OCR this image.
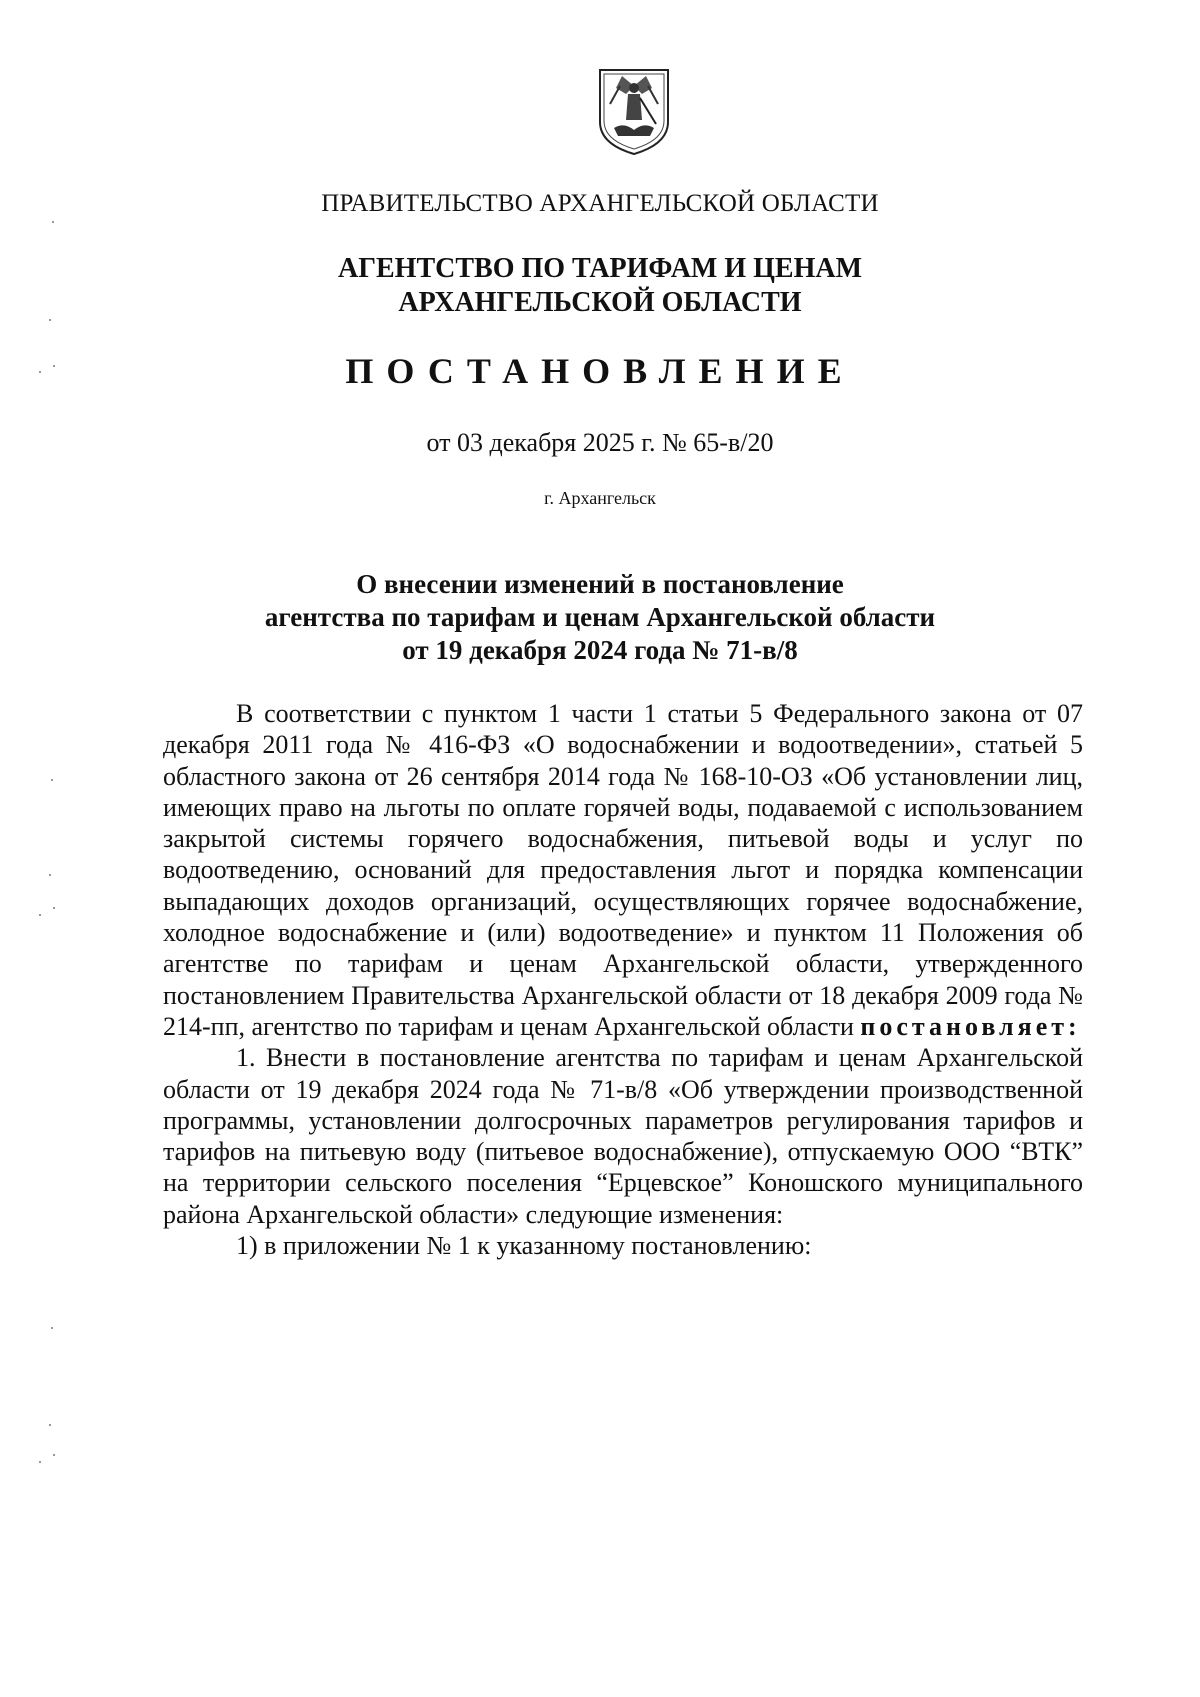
ПРАВИТЕЛЬСТВО АРХАНГЕЛЬСКОЙ ОБЛАСТИ
АГЕНТСТВО ПО ТАРИФАМ И ЦЕНАМ
АРХАНГЕЛЬСКОЙ ОБЛАСТИ
ПОСТАНОВЛЕНИЕ
от 03 декабря 2025 г. № 65-в/20
г. Архангельск
О внесении изменений в постановление
агентства по тарифам и ценам Архангельской области
от 19 декабря 2024 года № 71-в/8

В соответствии с пунктом 1 части 1 статьи 5 Федерального закона от 07 декабря 2011 года № 416-ФЗ «О водоснабжении и водоотведении», статьей 5 областного закона от 26 сентября 2014 года № 168-10-ОЗ «Об установлении лиц, имеющих право на льготы по оплате горячей воды, подаваемой с использованием закрытой системы горячего водоснабжения, питьевой воды и услуг по водоотведению, оснований для предоставления льгот и порядка компенсации выпадающих доходов организаций, осуществляющих горячее водоснабжение, холодное водоснабжение и (или) водоотведение» и пунктом 11 Положения об агентстве по тарифам и ценам Архангельской области, утвержденного постановлением Правительства Архангельской области от 18 декабря 2009 года № 214-пп, агентство по тарифам и ценам Архангельской области постановляет:

1. Внести в постановление агентства по тарифам и ценам Архангельской области от 19 декабря 2024 года № 71-в/8 «Об утверждении производственной программы, установлении долгосрочных параметров регулирования тарифов и тарифов на питьевую воду (питьевое водоснабжение), отпускаемую ООО “ВТК” на территории сельского поселения “Ерцевское” Коношского муниципального района Архангельской области» следующие изменения:

1) в приложении № 1 к указанному постановлению:
